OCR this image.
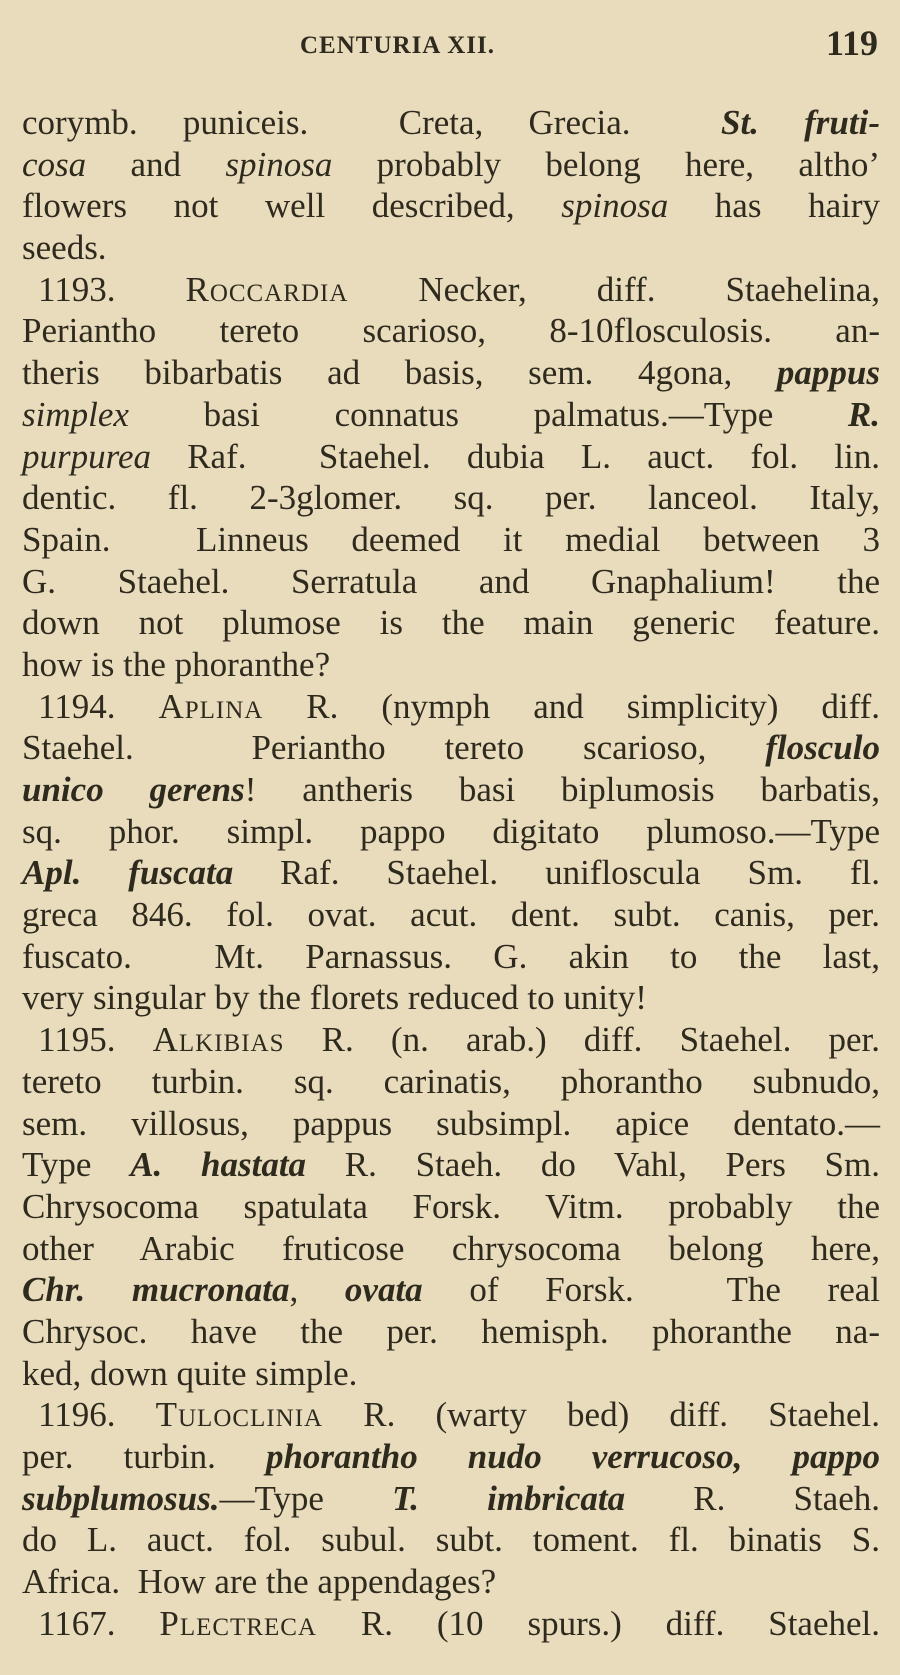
CENTURIA XII.	119
corymb. puniceis.  Creta, Grecia.  St. fruti-
cosa and spinosa probably belong here, altho’
flowers not well described, spinosa has hairy
seeds.
1193. Roccardia Necker, diff. Staehelina,
Periantho tereto scarioso, 8-10flosculosis. an-
theris bibarbatis ad basis, sem. 4gona, pappus
simplex basi connatus palmatus.—Type R.
purpurea Raf.  Staehel. dubia L. auct. fol. lin.
dentic. fl. 2-3glomer. sq. per. lanceol. Italy,
Spain.  Linneus deemed it medial between 3
G. Staehel. Serratula and Gnaphalium! the
down not plumose is the main generic feature.
how is the phoranthe?
1194. Aplina R. (nymph and simplicity) diff.
Staehel.  Periantho tereto scarioso, flosculo
unico gerens! antheris basi biplumosis barbatis,
sq. phor. simpl. pappo digitato plumoso.—Type
Apl. fuscata Raf. Staehel. unifloscula Sm. fl.
greca 846. fol. ovat. acut. dent. subt. canis, per.
fuscato.  Mt. Parnassus. G. akin to the last,
very singular by the florets reduced to unity!
1195. Alkibias R. (n. arab.) diff. Staehel. per.
tereto turbin. sq. carinatis, phorantho subnudo,
sem. villosus, pappus subsimpl. apice dentato.—
Type A. hastata R. Staeh. do Vahl, Pers Sm.
Chrysocoma spatulata Forsk. Vitm. probably the
other Arabic fruticose chrysocoma belong here,
Chr. mucronata, ovata of Forsk.  The real
Chrysoc. have the per. hemisph. phoranthe na-
ked, down quite simple.
1196. Tuloclinia R. (warty bed) diff. Staehel.
per. turbin. phorantho nudo verrucoso, pappo
subplumosus.—Type T. imbricata R. Staeh.
do L. auct. fol. subul. subt. toment. fl. binatis S.
Africa.  How are the appendages?
1167. Plectreca R. (10 spurs.) diff. Staehel.
